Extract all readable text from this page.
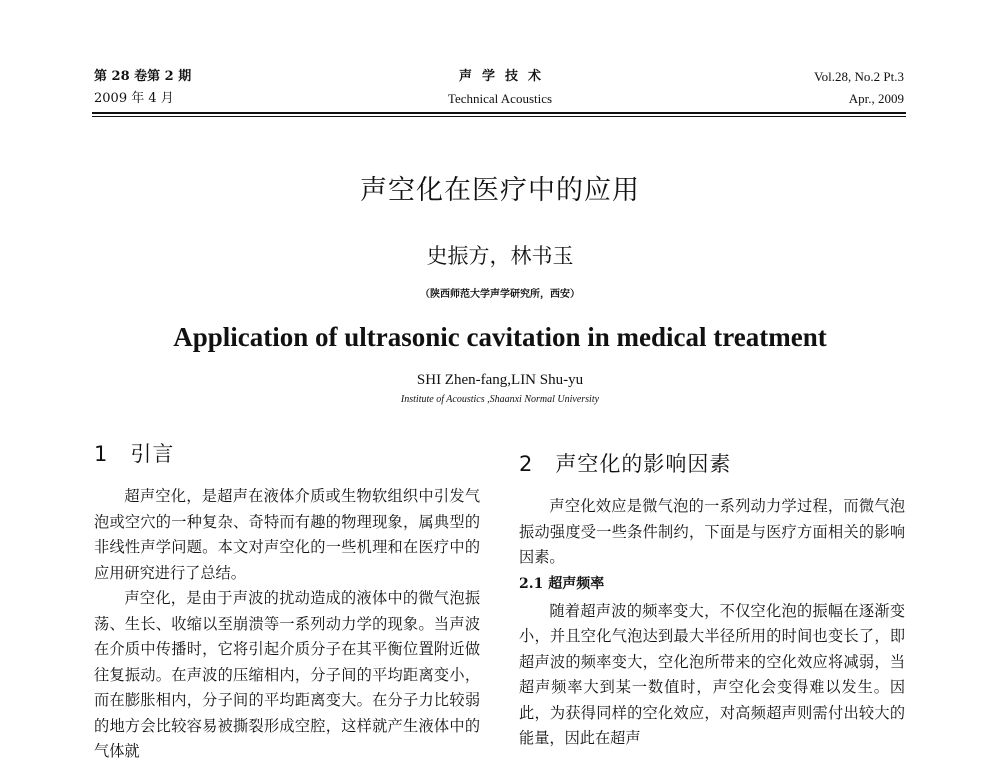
第 28 卷第 2 期
2009 年 4 月
声学技术
Technical Acoustics
Vol.28, No.2 Pt.3
Apr., 2009
声空化在医疗中的应用
史振方，林书玉
（陕西师范大学声学研究所，西安）
Application of ultrasonic cavitation in medical treatment
SHI Zhen-fang,LIN Shu-yu
Institute of Acoustics ,Shaanxi Normal University
1 引言

超声空化，是超声在液体介质或生物软组织中引发气泡或空穴的一种复杂、奇特而有趣的物理现象，属典型的非线性声学问题。本文对声空化的一些机理和在医疗中的应用研究进行了总结。

声空化，是由于声波的扰动造成的液体中的微气泡振荡、生长、收缩以至崩溃等一系列动力学的现象。当声波在介质中传播时，它将引起介质分子在其平衡位置附近做往复振动。在声波的压缩相内，分子间的平均距离变小，而在膨胀相内，分子间的平均距离变大。在分子力比较弱的地方会比较容易被撕裂形成空腔，这样就产生液体中的气体就

2 声空化的影响因素

声空化效应是微气泡的一系列动力学过程，而微气泡振动强度受一些条件制约，下面是与医疗方面相关的影响因素。

2.1 超声频率

随着超声波的频率变大，不仅空化泡的振幅在逐渐变小，并且空化气泡达到最大半径所用的时间也变长了，即超声波的频率变大，空化泡所带来的空化效应将减弱，当超声频率大到某一数值时，声空化会变得难以发生。因此，为获得同样的空化效应，对高频超声则需付出较大的能量，因此在超声
